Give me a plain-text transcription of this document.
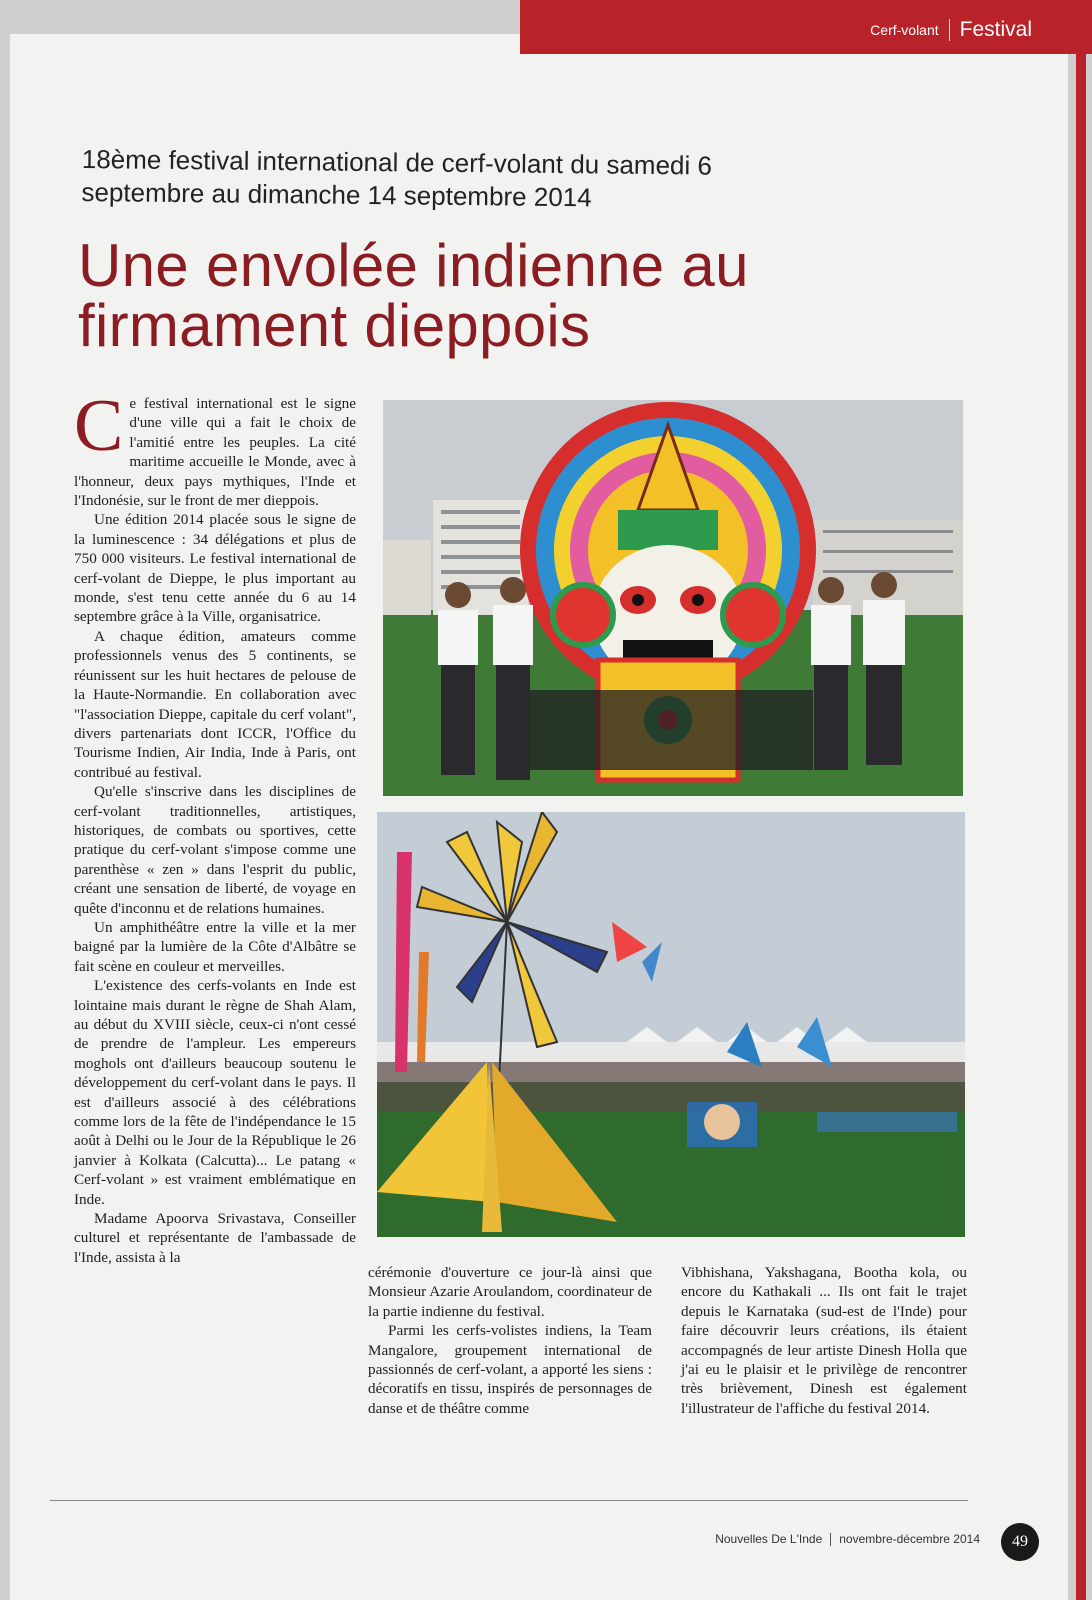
Cerf-volant Festival
18ème festival international de cerf-volant du samedi 6 septembre au dimanche 14 septembre 2014
Une envolée indienne au firmament dieppois
C e festival international est le signe d'une ville qui a fait le choix de l'amitié entre les peuples. La cité maritime accueille le Monde, avec à l'honneur, deux pays mythiques, l'Inde et l'Indonésie, sur le front de mer dieppois.

Une édition 2014 placée sous le signe de la luminescence : 34 délégations et plus de 750 000 visiteurs. Le festival international de cerf-volant de Dieppe, le plus important au monde, s'est tenu cette année du 6 au 14 septembre grâce à la Ville, organisatrice.

A chaque édition, amateurs comme professionnels venus des 5 continents, se réunissent sur les huit hectares de pelouse de la Haute-Normandie. En collaboration avec "l'association Dieppe, capitale du cerf volant", divers partenariats dont ICCR, l'Office du Tourisme Indien, Air India, Inde à Paris, ont contribué au festival.

Qu'elle s'inscrive dans les disciplines de cerf-volant traditionnelles, artistiques, historiques, de combats ou sportives, cette pratique du cerf-volant s'impose comme une parenthèse « zen » dans l'esprit du public, créant une sensation de liberté, de voyage en quête d'inconnu et de relations humaines.

Un amphithéâtre entre la ville et la mer baigné par la lumière de la Côte d'Albâtre se fait scène en couleur et merveilles.

L'existence des cerfs-volants en Inde est lointaine mais durant le règne de Shah Alam, au début du XVIII siècle, ceux-ci n'ont cessé de prendre de l'ampleur. Les empereurs moghols ont d'ailleurs beaucoup soutenu le développement du cerf-volant dans le pays. Il est d'ailleurs associé à des célébrations comme lors de la fête de l'indépendance le 15 août à Delhi ou le Jour de la République le 26 janvier à Kolkata (Calcutta)... Le patang « Cerf-volant » est vraiment emblématique en Inde.

Madame Apoorva Srivastava, Conseiller culturel et représentante de l'ambassade de l'Inde, assista à la

cérémonie d'ouverture ce jour-là ainsi que Monsieur Azarie Aroulandom, coordinateur de la partie indienne du festival.

Parmi les cerfs-volistes indiens, la Team Mangalore, groupement international de passionnés de cerf-volant, a apporté les siens : décoratifs en tissu, inspirés de personnages de danse et de théâtre comme

Vibhishana, Yakshagana, Bootha kola, ou encore du Kathakali ... Ils ont fait le trajet depuis le Karnataka (sud-est de l'Inde) pour faire découvrir leurs créations, ils étaient accompagnés de leur artiste Dinesh Holla que j'ai eu le plaisir et le privilège de rencontrer très brièvement, Dinesh est également l'illustrateur de l'affiche du festival 2014.

Nouvelles De L'Inde novembre-décembre 2014	49
